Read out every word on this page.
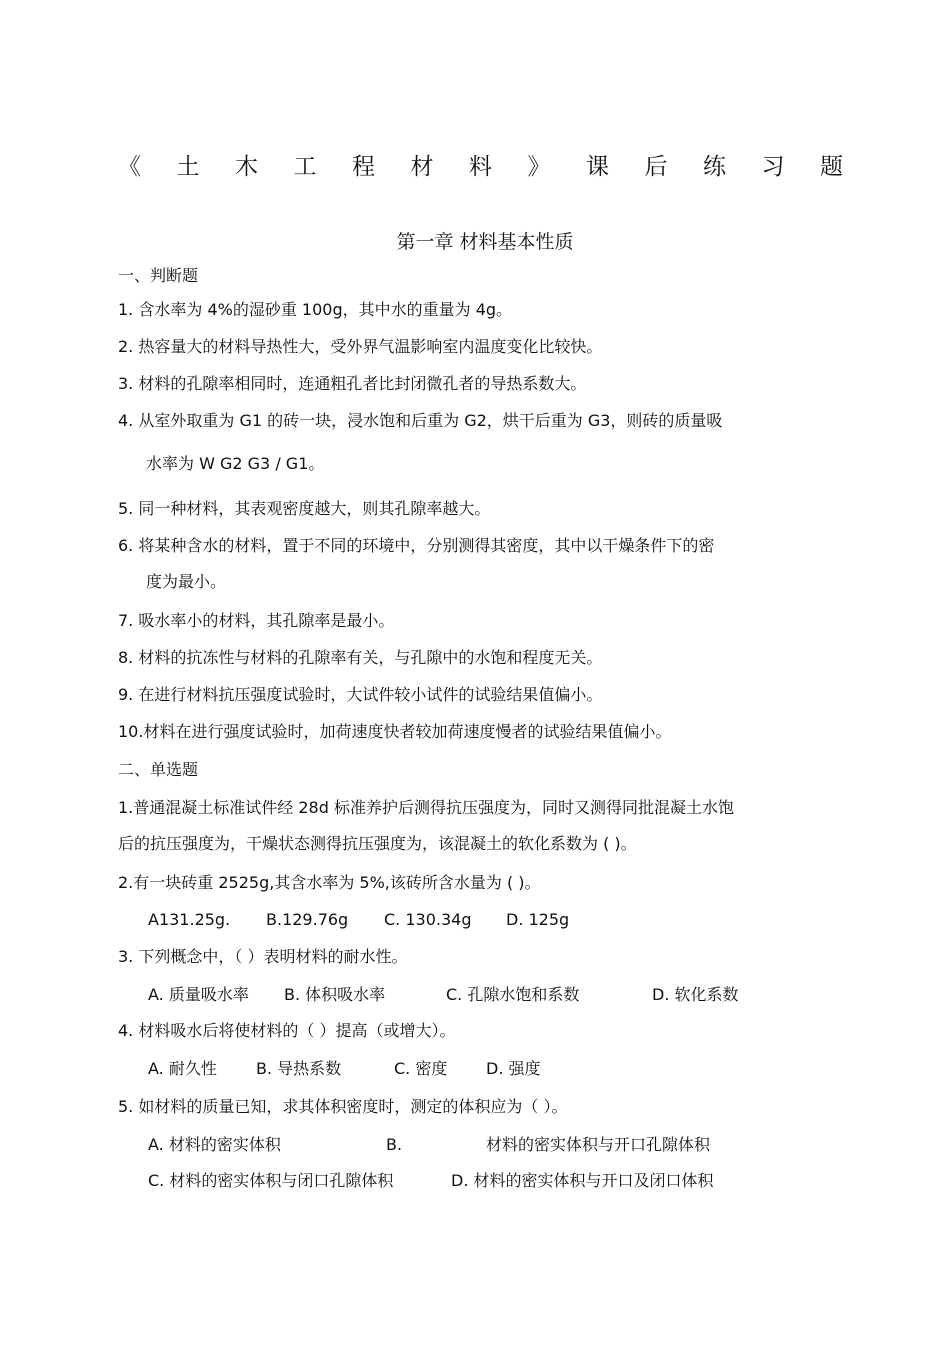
《 土 木 工 程 材 料 》 课 后 练 习 题
第一章 材料基本性质
一、判断题
1. 含水率为 4%的湿砂重 100g，其中水的重量为 4g。
2. 热容量大的材料导热性大，受外界气温影响室内温度变化比较快。
3. 材料的孔隙率相同时，连通粗孔者比封闭微孔者的导热系数大。
4. 从室外取重为 G1 的砖一块，浸水饱和后重为 G2，烘干后重为 G3，则砖的质量吸
水率为 W G2 G3 / G1。
5. 同一种材料，其表观密度越大，则其孔隙率越大。
6. 将某种含水的材料，置于不同的环境中，分别测得其密度，其中以干燥条件下的密
度为最小。
7. 吸水率小的材料，其孔隙率是最小。
8. 材料的抗冻性与材料的孔隙率有关，与孔隙中的水饱和程度无关。
9. 在进行材料抗压强度试验时，大试件较小试件的试验结果值偏小。
10.材料在进行强度试验时，加荷速度快者较加荷速度慢者的试验结果值偏小。
二、单选题
1.普通混凝土标准试件经 28d 标准养护后测得抗压强度为，同时又测得同批混凝土水饱
后的抗压强度为，干燥状态测得抗压强度为，该混凝土的软化系数为 ( )。
2.有一块砖重 2525g,其含水率为 5%,该砖所含水量为 ( )。
A131.25g. B.129.76g C. 130.34g D. 125g
3. 下列概念中，（ ）表明材料的耐水性。
A. 质量吸水率 B. 体积吸水率	C. 孔隙水饱和系数	D. 软化系数
4. 材料吸水后将使材料的（ ）提高（或增大）。
A. 耐久性 B. 导热系数	C. 密度 D. 强度
5. 如材料的质量已知，求其体积密度时，测定的体积应为（ ）。
A. 材料的密实体积	B.	材料的密实体积与开口孔隙体积
C. 材料的密实体积与闭口孔隙体积	D. 材料的密实体积与开口及闭口体积
